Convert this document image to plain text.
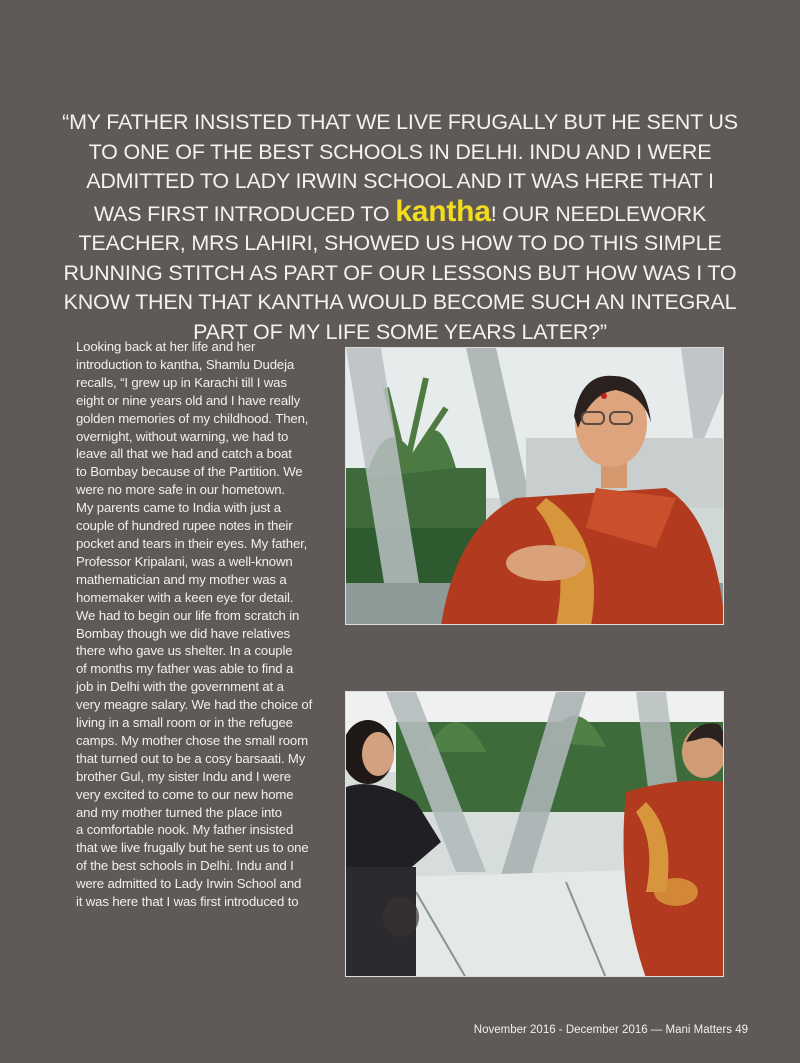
“MY FATHER INSISTED THAT WE LIVE FRUGALLY BUT HE SENT US TO ONE OF THE BEST SCHOOLS IN DELHI. INDU AND I WERE ADMITTED TO LADY IRWIN SCHOOL AND IT WAS HERE THAT I WAS FIRST INTRODUCED TO kantha! OUR NEEDLEWORK TEACHER, MRS LAHIRI, SHOWED US HOW TO DO THIS SIMPLE RUNNING STITCH AS PART OF OUR LESSONS BUT HOW WAS I TO KNOW THEN THAT KANTHA WOULD BECOME SUCH AN INTEGRAL PART OF MY LIFE SOME YEARS LATER?”
Looking back at her life and her
introduction to kantha, Shamlu Dudeja
recalls, “I grew up in Karachi till I was
eight or nine years old and I have really
golden memories of my childhood. Then,
overnight, without warning, we had to
leave all that we had and catch a boat
to Bombay because of the Partition. We
were no more safe in our hometown.
My parents came to India with just a
couple of hundred rupee notes in their
pocket and tears in their eyes. My father,
Professor Kripalani, was a well-known
mathematician and my mother was a
homemaker with a keen eye for detail.
We had to begin our life from scratch in
Bombay though we did have relatives
there who gave us shelter. In a couple
of months my father was able to find a
job in Delhi with the government at a
very meagre salary. We had the choice of
living in a small room or in the refugee
camps. My mother chose the small room
that turned out to be a cosy barsaati. My
brother Gul, my sister Indu and I were
very excited to come to our new home
and my mother turned the place into
a comfortable nook. My father insisted
that we live frugally but he sent us to one
of the best schools in Delhi. Indu and I
were admitted to Lady Irwin School and
it was here that I was first introduced to
November 2016 - December 2016 — Mani Matters 49
